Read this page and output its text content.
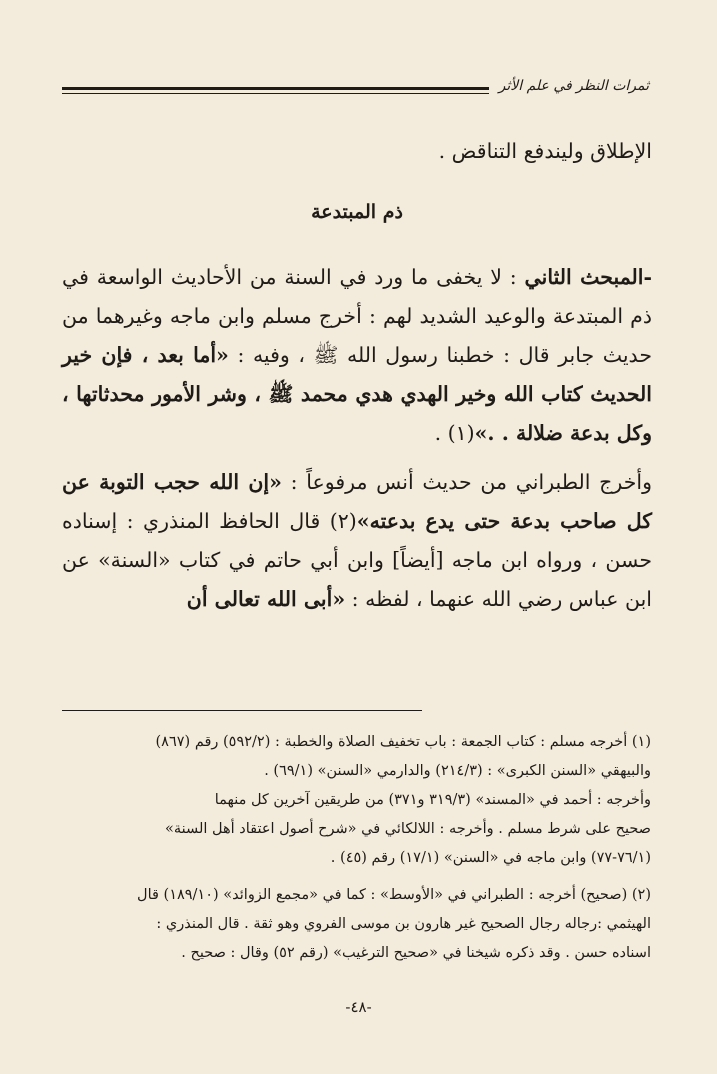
ثمرات النظر في علم الأثر

الإطلاق وليندفع التناقض .

ذم المبتدعة

-المبحث الثاني : لا يخفى ما ورد في السنة من الأحاديث الواسعة في ذم المبتدعة والوعيد الشديد لهم : أخرج مسلم وابن ماجه وغيرهما من حديث جابر قال : خطبنا رسول الله ﷺ ، وفيه : «أما بعد ، فإن خير الحديث كتاب الله وخير الهدي هدي محمد ﷺ ، وشر الأمور محدثاتها ، وكل بدعة ضلالة . .»(١) .

وأخرج الطبراني من حديث أنس مرفوعاً : «إن الله حجب التوبة عن كل صاحب بدعة حتى يدع بدعته»(٢) قال الحافظ المنذري : إسناده حسن ، ورواه ابن ماجه [أيضاً] وابن أبي حاتم في كتاب «السنة» عن ابن عباس رضي الله عنهما ، لفظه : «أبى الله تعالى أن

(١) أخرجه مسلم : كتاب الجمعة : باب تخفيف الصلاة والخطبة : (٥٩٢/٢) رقم (٨٦٧)

والبيهقي «السنن الكبرى» : (٢١٤/٣) والدارمي «السنن» (٦٩/١) .

وأخرجه : أحمد في «المسند» (٣١٩/٣ و٣٧١) من طريقين آخرين كل منهما

صحيح على شرط مسلم . وأخرجه : اللالكائي في «شرح أصول اعتقاد أهل السنة»

(٧٦/١-٧٧) وابن ماجه في «السنن» (١٧/١) رقم (٤٥) .

(٢) (صحيح) أخرجه : الطبراني في «الأوسط» : كما في «مجمع الزوائد» (١٨٩/١٠) قال

الهيثمي :رجاله رجال الصحيح غير هارون بن موسى الفروي وهو ثقة . قال المنذري :

اسناده حسن . وقد ذكره شيخنا في «صحيح الترغيب» (رقم ٥٢) وقال : صحيح .

-٤٨-
